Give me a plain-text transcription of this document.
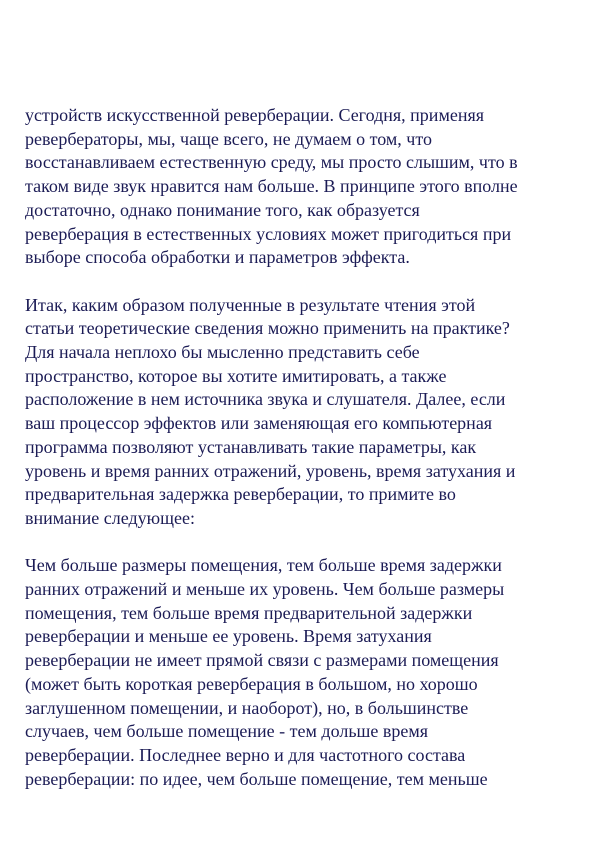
устройств искусственной реверберации. Сегодня, применяя
ревербераторы, мы, чаще всего, не думаем о том, что
восстанавливаем естественную среду, мы просто слышим, что в
таком виде звук нравится нам больше. В принципе этого вполне
достаточно, однако понимание того, как образуется
реверберация в естественных условиях может пригодиться при
выборе способа обработки и параметров эффекта.
Итак, каким образом полученные в результате чтения этой
статьи теоретические сведения можно применить на практике?
Для начала неплохо бы мысленно представить себе
пространство, которое вы хотите имитировать, а также
расположение в нем источника звука и слушателя. Далее, если
ваш процессор эффектов или заменяющая его компьютерная
программа позволяют устанавливать такие параметры, как
уровень и время ранних отражений, уровень, время затухания и
предварительная задержка реверберации, то примите во
внимание следующее:
Чем больше размеры помещения, тем больше время задержки
ранних отражений и меньше их уровень. Чем больше размеры
помещения, тем больше время предварительной задержки
реверберации и меньше ее уровень. Время затухания
реверберации не имеет прямой связи с размерами помещения
(может быть короткая реверберация в большом, но хорошо
заглушенном помещении, и наоборот), но, в большинстве
случаев, чем больше помещение - тем дольше время
реверберации. Последнее верно и для частотного состава
реверберации: по идее, чем больше помещение, тем меньше
